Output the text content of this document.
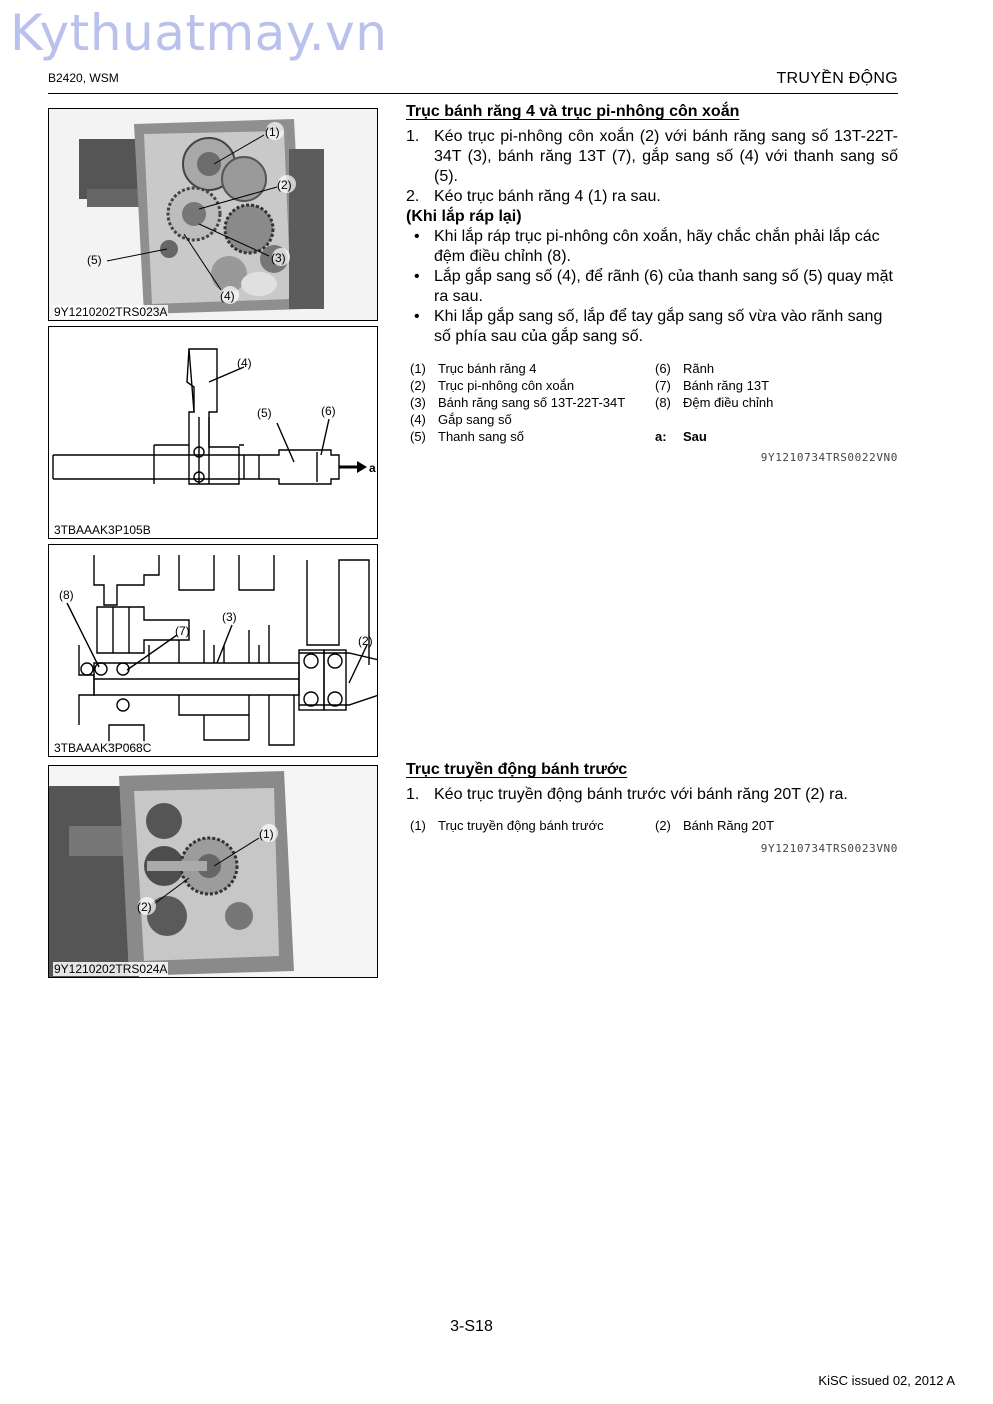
Kythuatmay.vn
B2420, WSM	TRUYỀN ĐỘNG
(1)
(2)
(3)
(4)
(5)
9Y1210202TRS023A
(4)
(5)	(6)
a
3TBAAAK3P105B
(8)
(7)
(3)
(2)
3TBAAAK3P068C
(1)
(2)
9Y1210202TRS024A
Trục bánh răng 4 và trục pi-nhông côn xoắn
1. Kéo trục pi-nhông côn xoắn (2) với bánh răng sang số 13T-22T-34T (3), bánh răng 13T (7), gắp sang số (4) với thanh sang số (5).
2. Kéo trục bánh răng 4 (1) ra sau.
(Khi lắp ráp lại)
• Khi lắp ráp trục pi-nhông côn xoắn, hãy chắc chắn phải lắp các đệm điều chỉnh (8).
• Lắp gắp sang số (4), để rãnh (6) của thanh sang số (5) quay mặt ra sau.
• Khi lắp gắp sang số, lắp để tay gắp sang số vừa vào rãnh sang số phía sau của gắp sang số.
(1) Trục bánh răng 4	(6) Rãnh
(2) Trục pi-nhông côn xoắn	(7) Bánh răng 13T
(3) Bánh răng sang số 13T-22T-34T (8) Đệm điều chỉnh
(4) Gắp sang số
(5) Thanh sang số	a: Sau
9Y1210734TRS0022VN0
Trục truyền động bánh trước
1. Kéo trục truyền động bánh trước với bánh răng 20T (2) ra.
(1) Trục truyền động bánh trước	(2) Bánh Răng 20T
9Y1210734TRS0023VN0
3-S18
KiSC issued 02, 2012 A
